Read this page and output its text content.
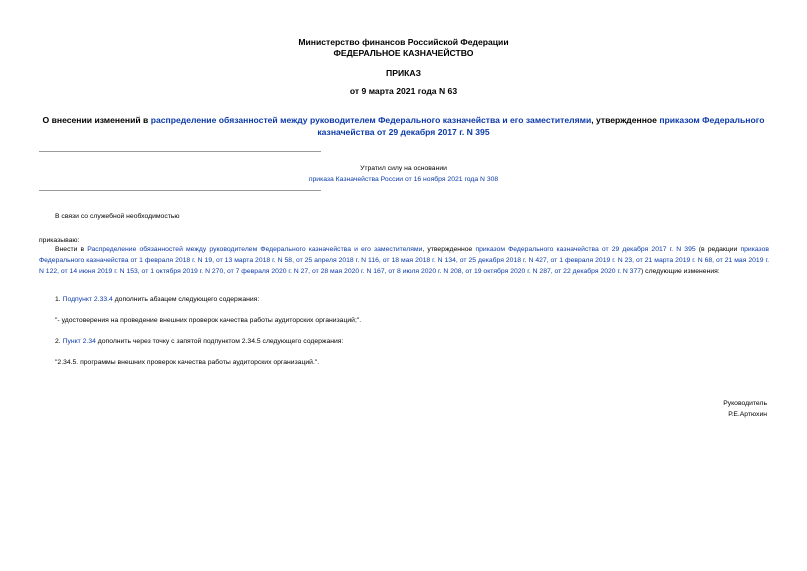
Министерство финансов Российской Федерации
ФЕДЕРАЛЬНОЕ КАЗНАЧЕЙСТВО
ПРИКАЗ
от 9 марта 2021 года N 63
О внесении изменений в распределение обязанностей между руководителем Федерального казначейства и его заместителями, утвержденное приказом Федерального казначейства от 29 декабря 2017 г. N 395
Утратил силу на основании
приказа Казначейства России от 16 ноября 2021 года N 308
В связи со служебной необходимостью
приказываю:
Внести в Распределение обязанностей между руководителем Федерального казначейства и его заместителями, утвержденное приказом Федерального казначейства от 29 декабря 2017 г. N 395 (в редакции приказов Федерального казначейства от 1 февраля 2018 г. N 19, от 13 марта 2018 г. N 58, от 25 апреля 2018 г. N 116, от 18 мая 2018 г. N 134, от 25 декабря 2018 г. N 427, от 1 февраля 2019 г. N 23, от 21 марта 2019 г. N 68, от 21 мая 2019 г. N 122, от 14 июня 2019 г. N 153, от 1 октября 2019 г. N 270, от 7 февраля 2020 г. N 27, от 28 мая 2020 г. N 167, от 8 июля 2020 г. N 208, от 19 октября 2020 г. N 287, от 22 декабря 2020 г. N 377) следующие изменения:
1. Подпункт 2.33.4 дополнить абзацем следующего содержания:
"- удостоверения на проведение внешних проверок качества работы аудиторских организаций;".
2. Пункт 2.34 дополнить через точку с запятой подпунктом 2.34.5 следующего содержания:
"2.34.5. программы внешних проверок качества работы аудиторских организаций.".
Руководитель
Р.Е.Артюхин
